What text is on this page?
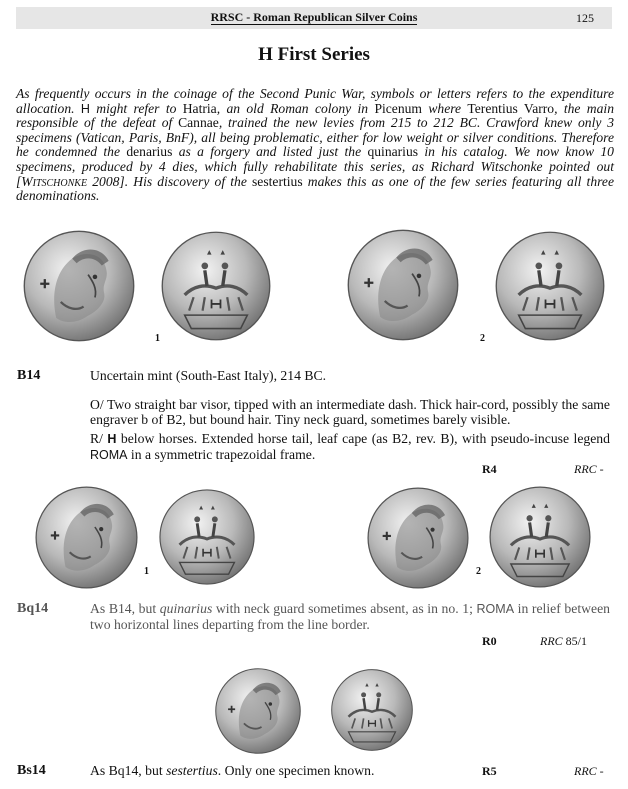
RRSC - Roman Republican Silver Coins	125
H First Series

As frequently occurs in the coinage of the Second Punic War, symbols or letters refers to the expenditure allocation. H might refer to Hatria, an old Roman colony in Picenum where Terentius Varro, the main responsible of the defeat of Cannae, trained the new levies from 215 to 212 BC. Crawford knew only 3 specimens (Vatican, Paris, BnF), all being problematic, either for low weight or silver conditions. Therefore he condemned the denarius as a forgery and listed just the quinarius in his catalog. We now know 10 specimens, produced by 4 dies, which fully rehabilitate this series, as Richard Witschonke pointed out [Witschonke 2008]. His discovery of the sestertius makes this as one of the few series featuring all three denominations.

1	2
B14	Uncertain mint (South-East Italy), 214 BC.

O/ Two straight bar visor, tipped with an intermediate dash. Thick hair-cord, possibly the same engraver b of B2, but bound hair. Tiny neck guard, sometimes barely visible.

R/ H below horses. Extended horse tail, leaf cape (as B2, rev. B), with pseudo-incuse legend ROMA in a symmetric trapezoidal frame.

R4	RRC -
1	2
Bq14	As B14, but quinarius with neck guard sometimes absent, as in no. 1; ROMA in relief between two horizontal lines departing from the line border.

R0	RRC 85/1
Bs14	As Bq14, but sestertius. Only one specimen known.	R5	RRC -
